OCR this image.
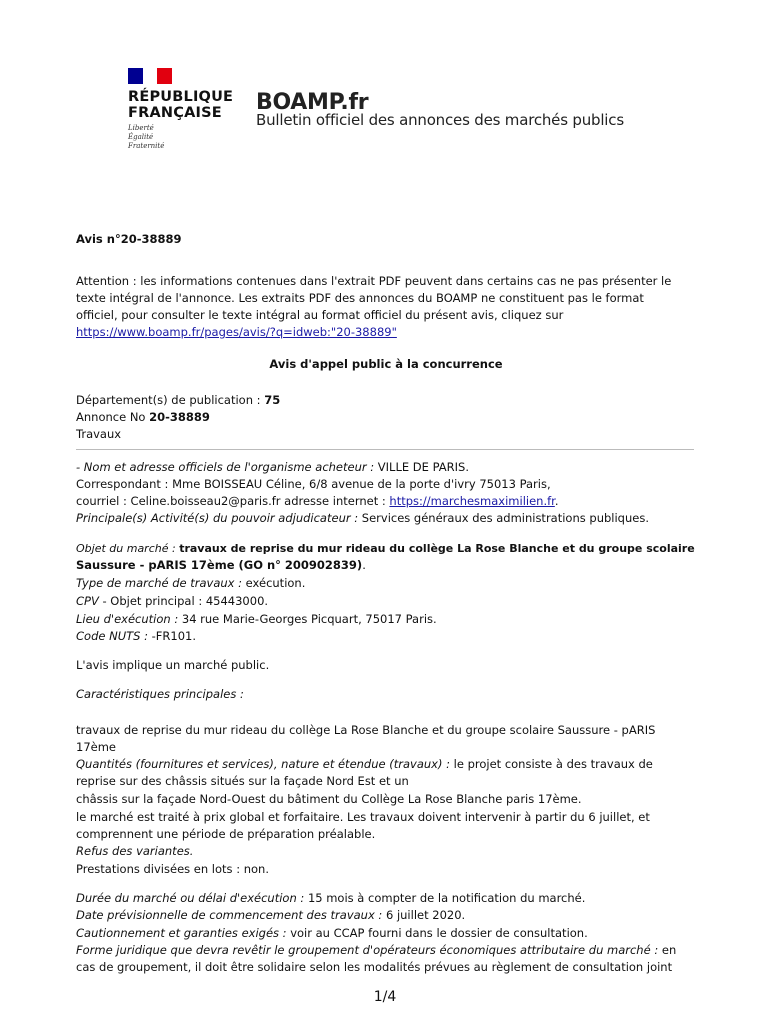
RÉPUBLIQUE
FRANÇAISE
Liberté
Égalité
Fraternité
BOAMP.fr
Bulletin officiel des annonces des marchés publics
Avis n°20-38889
Attention : les informations contenues dans l'extrait PDF peuvent dans certains cas ne pas présenter le
texte intégral de l'annonce. Les extraits PDF des annonces du BOAMP ne constituent pas le format
officiel, pour consulter le texte intégral au format officiel du présent avis, cliquez sur
https://www.boamp.fr/pages/avis/?q=idweb:"20-38889"
Avis d'appel public à la concurrence
Département(s) de publication : 75
Annonce No 20-38889
Travaux
- Nom et adresse officiels de l'organisme acheteur : VILLE DE PARIS.
Correspondant : Mme BOISSEAU Céline, 6/8 avenue de la porte d'ivry 75013 Paris,
courriel : Celine.boisseau2@paris.fr adresse internet : https://marchesmaximilien.fr.
Principale(s) Activité(s) du pouvoir adjudicateur : Services généraux des administrations publiques.
Objet du marché : travaux de reprise du mur rideau du collège La Rose Blanche et du groupe scolaire
Saussure - pARIS 17ème (GO n° 200902839).
Type de marché de travaux : exécution.
CPV - Objet principal : 45443000.
Lieu d'exécution : 34 rue Marie-Georges Picquart, 75017 Paris.
Code NUTS : -FR101.
L'avis implique un marché public.
Caractéristiques principales :
travaux de reprise du mur rideau du collège La Rose Blanche et du groupe scolaire Saussure - pARIS
17ème
Quantités (fournitures et services), nature et étendue (travaux) : le projet consiste à des travaux de
reprise sur des châssis situés sur la façade Nord Est et un
châssis sur la façade Nord-Ouest du bâtiment du Collège La Rose Blanche paris 17ème.
le marché est traité à prix global et forfaitaire. Les travaux doivent intervenir à partir du 6 juillet, et
comprennent une période de préparation préalable.
Refus des variantes.
Prestations divisées en lots : non.
Durée du marché ou délai d'exécution : 15 mois à compter de la notification du marché.
Date prévisionnelle de commencement des travaux : 6 juillet 2020.
Cautionnement et garanties exigés : voir au CCAP fourni dans le dossier de consultation.
Forme juridique que devra revêtir le groupement d'opérateurs économiques attributaire du marché : en
cas de groupement, il doit être solidaire selon les modalités prévues au règlement de consultation joint
1/4
